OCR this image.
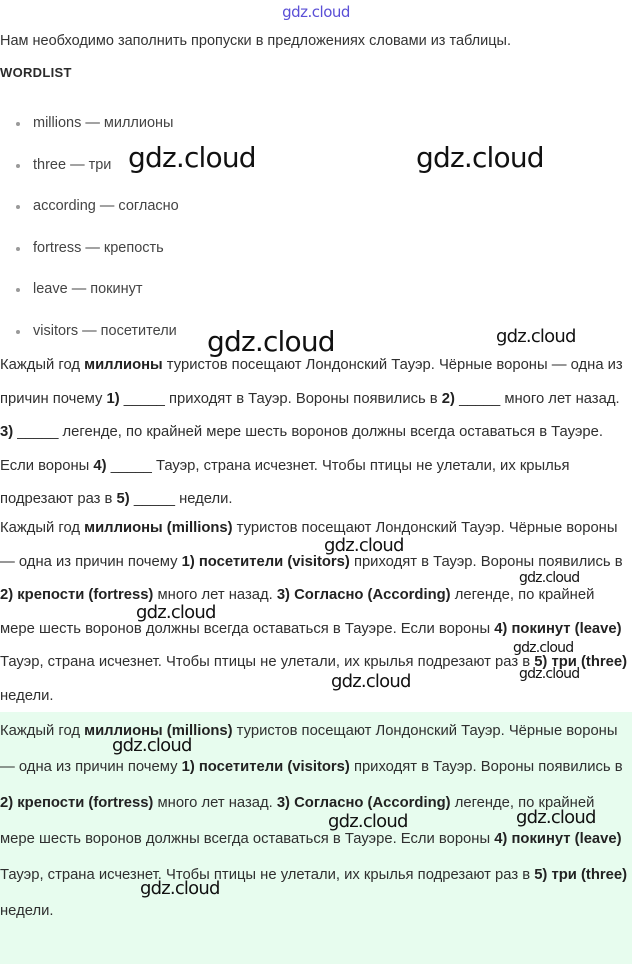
gdz.cloud
Нам необходимо заполнить пропуски в предложениях словами из таблицы.
WORDLIST
millions — миллионы
three — три
according — согласно
fortress — крепость
leave — покинут
visitors — посетители

Каждый год миллионы туристов посещают Лондонский Тауэр. Чёрные вороны — одна из причин почему 1) _____ приходят в Тауэр. Вороны появились в 2) _____ много лет назад. 3) _____ легенде, по крайней мере шесть воронов должны всегда оставаться в Тауэре. Если вороны 4) _____ Тауэр, страна исчезнет. Чтобы птицы не улетали, их крылья подрезают раз в 5) _____ недели.

Каждый год миллионы (millions) туристов посещают Лондонский Тауэр. Чёрные вороны — одна из причин почему 1) посетители (visitors) приходят в Тауэр. Вороны появились в 2) крепости (fortress) много лет назад. 3) Согласно (According) легенде, по крайней мере шесть воронов должны всегда оставаться в Тауэре. Если вороны 4) покинут (leave) Тауэр, страна исчезнет. Чтобы птицы не улетали, их крылья подрезают раз в 5) три (three) недели.

Каждый год миллионы (millions) туристов посещают Лондонский Тауэр. Чёрные вороны — одна из причин почему 1) посетители (visitors) приходят в Тауэр. Вороны появились в 2) крепости (fortress) много лет назад. 3) Согласно (According) легенде, по крайней мере шесть воронов должны всегда оставаться в Тауэре. Если вороны 4) покинут (leave) Тауэр, страна исчезнет. Чтобы птицы не улетали, их крылья подрезают раз в 5) три (three) недели.

gdz.cloud	gdz.cloud
gdz.cloud	gdz.cloud
gdz.cloud
gdz.cloud
gdz.cloud
gdz.cloud
gdz.cloud	gdz.cloud
gdz.cloud
gdz.cloud	gdz.cloud
gdz.cloud
